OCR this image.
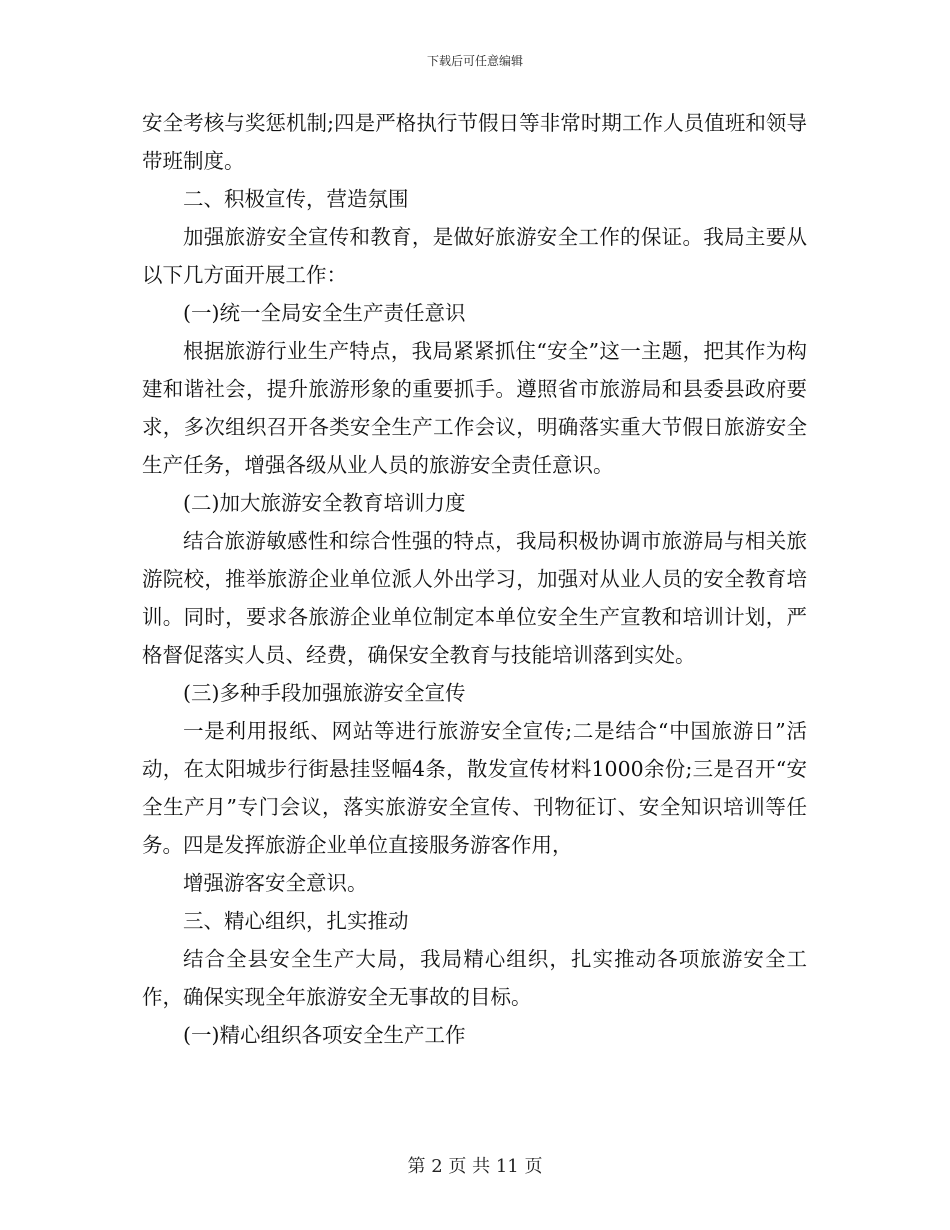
下载后可任意编辑

安全考核与奖惩机制;四是严格执行节假日等非常时期工作人员值班和领导带班制度。

二、积极宣传，营造氛围

加强旅游安全宣传和教育，是做好旅游安全工作的保证。我局主要从以下几方面开展工作：

(一)统一全局安全生产责任意识

根据旅游行业生产特点，我局紧紧抓住“安全”这一主题，把其作为构建和谐社会，提升旅游形象的重要抓手。遵照省市旅游局和县委县政府要求，多次组织召开各类安全生产工作会议，明确落实重大节假日旅游安全生产任务，增强各级从业人员的旅游安全责任意识。

(二)加大旅游安全教育培训力度

结合旅游敏感性和综合性强的特点，我局积极协调市旅游局与相关旅游院校，推举旅游企业单位派人外出学习，加强对从业人员的安全教育培训。同时，要求各旅游企业单位制定本单位安全生产宣教和培训计划，严格督促落实人员、经费，确保安全教育与技能培训落到实处。

(三)多种手段加强旅游安全宣传

一是利用报纸、网站等进行旅游安全宣传;二是结合“中国旅游日”活动，在太阳城步行街悬挂竖幅4条，散发宣传材料1000余份;三是召开“安全生产月”专门会议，落实旅游安全宣传、刊物征订、安全知识培训等任务。四是发挥旅游企业单位直接服务游客作用，

增强游客安全意识。

三、精心组织，扎实推动

结合全县安全生产大局，我局精心组织，扎实推动各项旅游安全工作，确保实现全年旅游安全无事故的目标。

(一)精心组织各项安全生产工作

第 2 页 共 11 页
